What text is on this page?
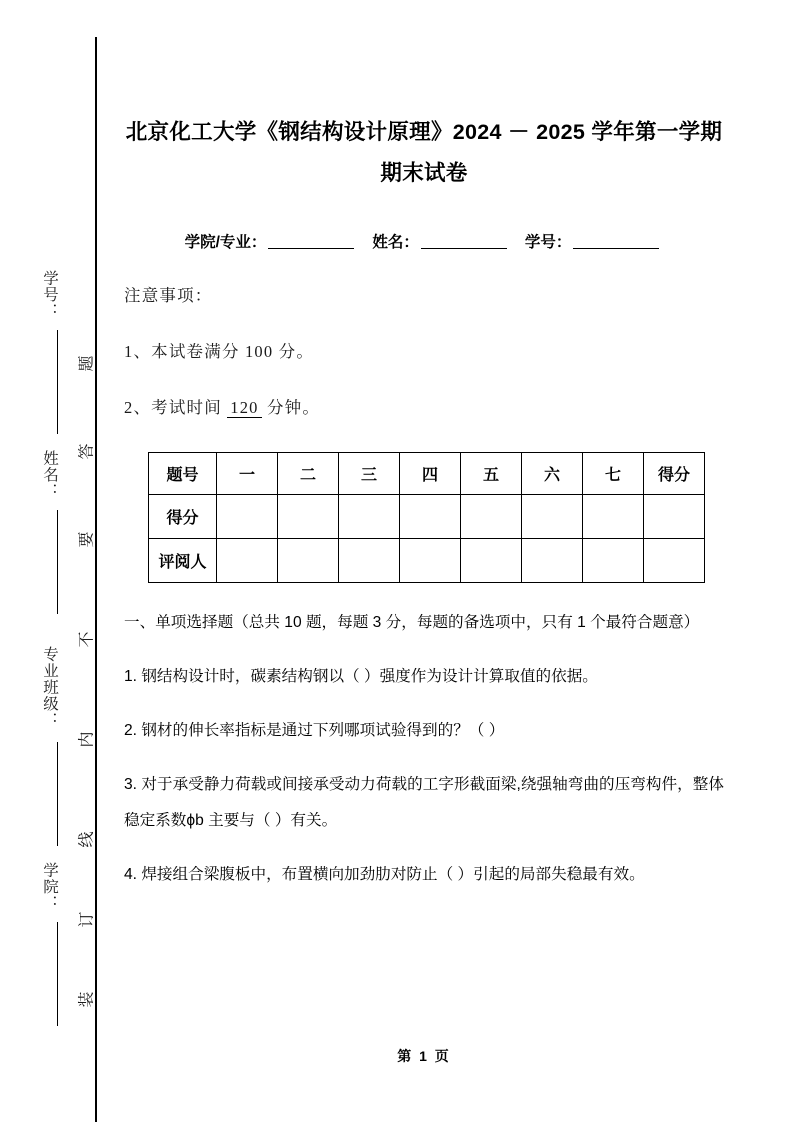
学号：
姓名：
专业班级：
学院：
题
答
要
不
内
线
订
装
北京化工大学《钢结构设计原理》2024 － 2025 学年第一学期期末试卷
学院/专业：	姓名：	学号：

注意事项：

1、本试卷满分 100 分。

2、考试时间 120 分钟。

题号	一	二	三	四	五	六	七	得分
得分								
评阅人								

一、单项选择题（总共 10 题，每题 3 分，每题的备选项中，只有 1 个最符合题意）

1. 钢结构设计时，碳素结构钢以（ ）强度作为设计计算取值的依据。

2. 钢材的伸长率指标是通过下列哪项试验得到的？（ ）

3. 对于承受静力荷载或间接承受动力荷载的工字形截面梁,绕强轴弯曲的压弯构件，整体稳定系数ϕb 主要与（ ）有关。

4. 焊接组合梁腹板中，布置横向加劲肋对防止（ ）引起的局部失稳最有效。

第 1 页
